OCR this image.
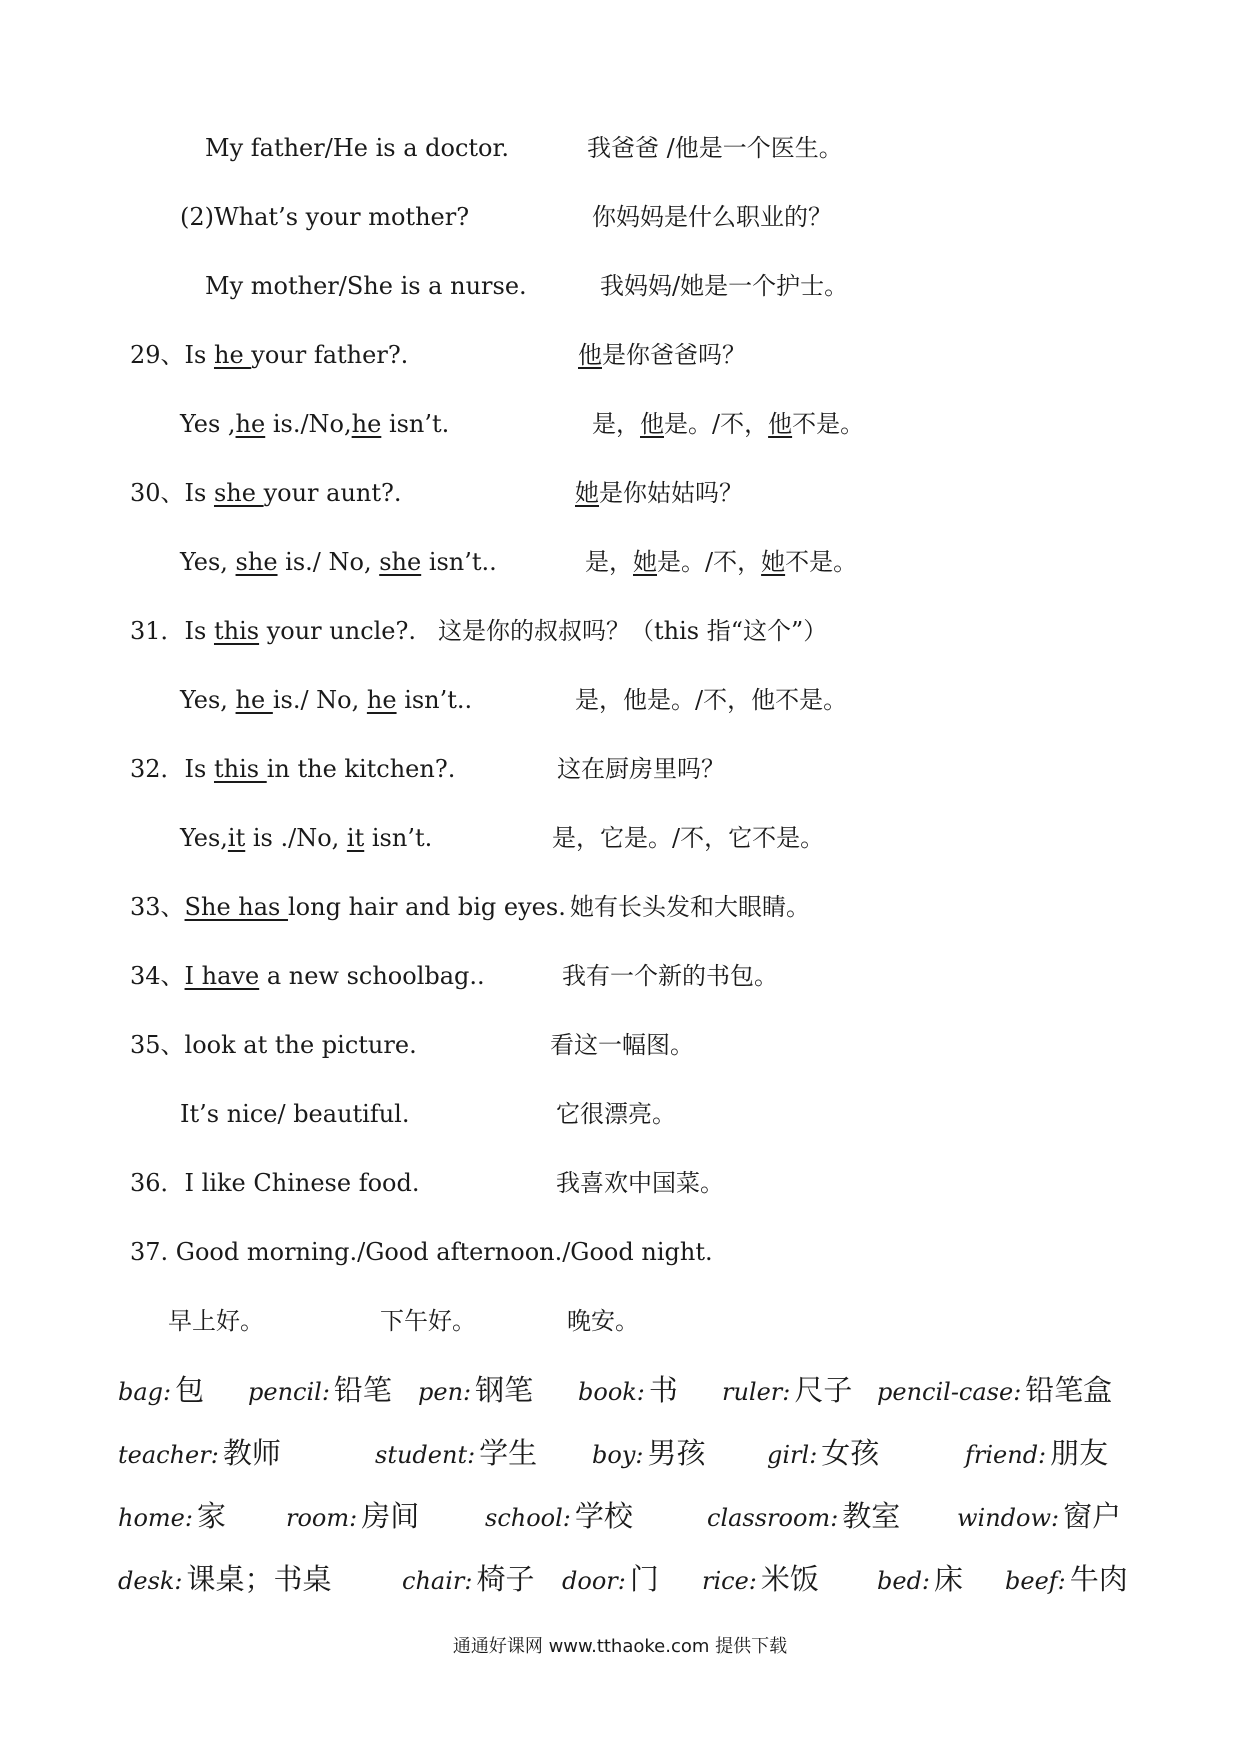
My father/He is a doctor.	我爸爸 /他是一个医生。
(2)What’s your mother?	你妈妈是什么职业的？
My mother/She is a nurse.	我妈妈/她是一个护士。
29、Is he your father?.	他是你爸爸吗？
Yes ,he is./No,he isn’t.	是，他是。/不，他不是。
30、Is she your aunt?.	她是你姑姑吗？
Yes, she is./ No, she isn’t..	是，她是。/不，她不是。
31．Is this your uncle?. 这是你的叔叔吗？（this 指“这个”）
Yes, he is./ No, he isn’t..	是，他是。/不，他不是。
32．Is this in the kitchen?.	这在厨房里吗？
Yes,it is ./No, it isn’t.	是，它是。/不，它不是。
33、She has long hair and big eyes. 她有长头发和大眼睛。
34、I have a new schoolbag..	我有一个新的书包。
35、look at the picture.	看这一幅图。
It’s nice/ beautiful.	它很漂亮。
36．I like Chinese food.	我喜欢中国菜。
37. Good morning./Good afternoon./Good night.
早上好。	下午好。	晚安。
bag: 包 pencil: 铅笔 pen: 钢笔 book: 书 ruler: 尺子 pencil-case: 铅笔盒
teacher: 教师	student: 学生 boy: 男孩	girl: 女孩	friend: 朋友
home: 家	room: 房间	school: 学校	classroom: 教室 window: 窗户
desk: 课桌；书桌	chair: 椅子 door: 门 rice: 米饭 bed: 床 beef: 牛肉
通通好课网 www.tthaoke.com 提供下载
